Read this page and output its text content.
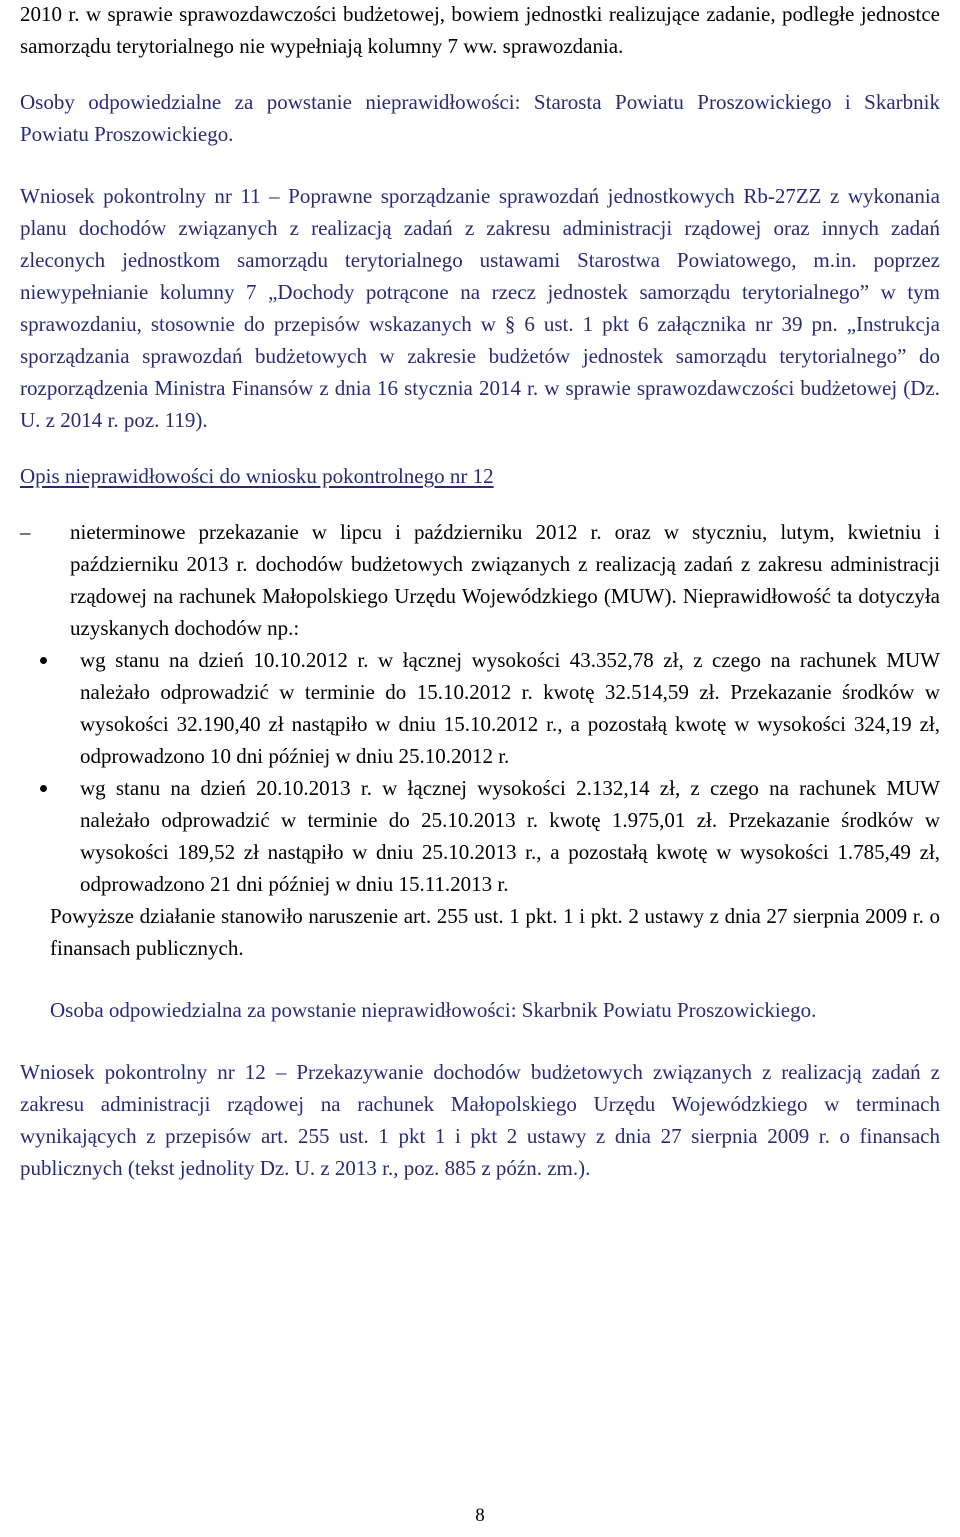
2010 r. w sprawie sprawozdawczości budżetowej, bowiem jednostki realizujące zadanie, podległe jednostce samorządu terytorialnego nie wypełniają kolumny 7 ww. sprawozdania.

Osoby odpowiedzialne za powstanie nieprawidłowości: Starosta Powiatu Proszowickiego i Skarbnik Powiatu Proszowickiego.

Wniosek pokontrolny nr 11 – Poprawne sporządzanie sprawozdań jednostkowych Rb-27ZZ z wykonania planu dochodów związanych z realizacją zadań z zakresu administracji rządowej oraz innych zadań zleconych jednostkom samorządu terytorialnego ustawami Starostwa Powiatowego, m.in. poprzez niewypełnianie kolumny 7 „Dochody potrącone na rzecz jednostek samorządu terytorialnego” w tym sprawozdaniu, stosownie do przepisów wskazanych w § 6 ust. 1 pkt 6 załącznika nr 39 pn. „Instrukcja sporządzania sprawozdań budżetowych w zakresie budżetów jednostek samorządu terytorialnego” do rozporządzenia Ministra Finansów z dnia 16 stycznia 2014 r. w sprawie sprawozdawczości budżetowej (Dz. U. z 2014 r. poz. 119).

Opis nieprawidłowości do wniosku pokontrolnego nr 12

–	nieterminowe przekazanie w lipcu i październiku 2012 r. oraz w styczniu, lutym, kwietniu i październiku 2013 r. dochodów budżetowych związanych z realizacją zadań z zakresu administracji rządowej na rachunek Małopolskiego Urzędu Wojewódzkiego (MUW). Nieprawidłowość ta dotyczyła uzyskanych dochodów np.:

wg stanu na dzień 10.10.2012 r. w łącznej wysokości 43.352,78 zł, z czego na rachunek MUW należało odprowadzić w terminie do 15.10.2012 r. kwotę 32.514,59 zł. Przekazanie środków w wysokości 32.190,40 zł nastąpiło w dniu 15.10.2012 r., a pozostałą kwotę w wysokości 324,19 zł, odprowadzono 10 dni później w dniu 25.10.2012 r.
wg stanu na dzień 20.10.2013 r. w łącznej wysokości 2.132,14 zł, z czego na rachunek MUW należało odprowadzić w terminie do 25.10.2013 r. kwotę 1.975,01 zł. Przekazanie środków w wysokości 189,52 zł nastąpiło w dniu 25.10.2013 r., a pozostałą kwotę w wysokości 1.785,49 zł, odprowadzono 21 dni później w dniu 15.11.2013 r.

Powyższe działanie stanowiło naruszenie art. 255 ust. 1 pkt. 1 i pkt. 2 ustawy z dnia 27 sierpnia 2009 r. o finansach publicznych.

Osoba odpowiedzialna za powstanie nieprawidłowości: Skarbnik Powiatu Proszowickiego.

Wniosek pokontrolny nr 12 – Przekazywanie dochodów budżetowych związanych z realizacją zadań z zakresu administracji rządowej na rachunek Małopolskiego Urzędu Wojewódzkiego w terminach wynikających z przepisów art. 255 ust. 1 pkt 1 i pkt 2 ustawy z dnia 27 sierpnia 2009 r. o finansach publicznych (tekst jednolity Dz. U. z 2013 r., poz. 885 z późn. zm.).

8
